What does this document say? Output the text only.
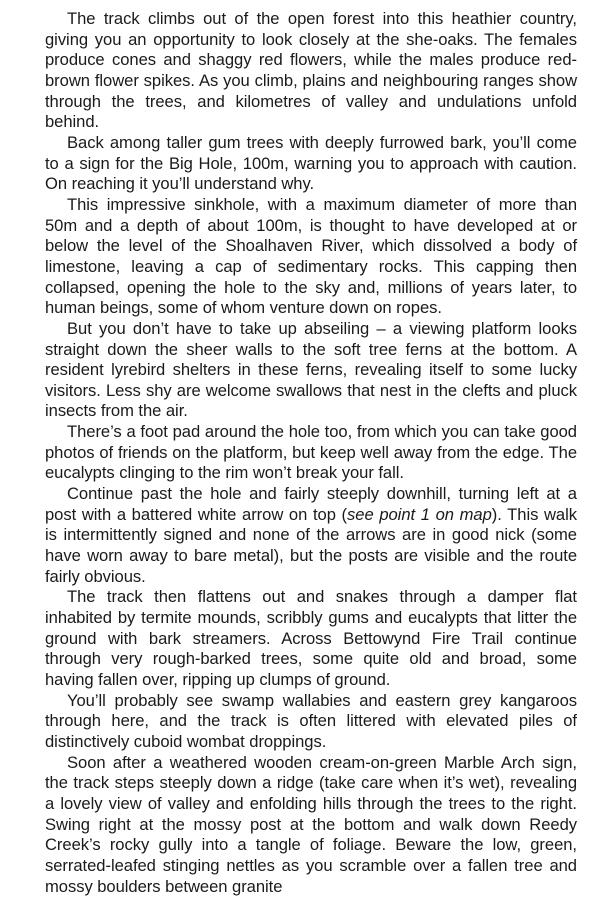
The track climbs out of the open forest into this heathier country, giving you an opportunity to look closely at the she-oaks. The females produce cones and shaggy red flowers, while the males produce red-brown flower spikes. As you climb, plains and neighbouring ranges show through the trees, and kilometres of valley and undulations unfold behind.

Back among taller gum trees with deeply furrowed bark, you’ll come to a sign for the Big Hole, 100m, warning you to approach with caution. On reaching it you’ll understand why.

This impressive sinkhole, with a maximum diameter of more than 50m and a depth of about 100m, is thought to have developed at or below the level of the Shoalhaven River, which dissolved a body of limestone, leaving a cap of sedimentary rocks. This capping then collapsed, opening the hole to the sky and, millions of years later, to human beings, some of whom venture down on ropes.

But you don’t have to take up abseiling – a viewing platform looks straight down the sheer walls to the soft tree ferns at the bottom. A resident lyrebird shelters in these ferns, revealing itself to some lucky visitors. Less shy are welcome swallows that nest in the clefts and pluck insects from the air.

There’s a foot pad around the hole too, from which you can take good photos of friends on the platform, but keep well away from the edge. The eucalypts clinging to the rim won’t break your fall.

Continue past the hole and fairly steeply downhill, turning left at a post with a battered white arrow on top (see point 1 on map). This walk is intermittently signed and none of the arrows are in good nick (some have worn away to bare metal), but the posts are visible and the route fairly obvious.

The track then flattens out and snakes through a damper flat inhabited by termite mounds, scribbly gums and eucalypts that litter the ground with bark streamers. Across Bettowynd Fire Trail continue through very rough-barked trees, some quite old and broad, some having fallen over, ripping up clumps of ground.

You’ll probably see swamp wallabies and eastern grey kangaroos through here, and the track is often littered with elevated piles of distinctively cuboid wombat droppings.

Soon after a weathered wooden cream-on-green Marble Arch sign, the track steps steeply down a ridge (take care when it’s wet), revealing a lovely view of valley and enfolding hills through the trees to the right. Swing right at the mossy post at the bottom and walk down Reedy Creek’s rocky gully into a tangle of foliage. Beware the low, green, serrated-leafed stinging nettles as you scramble over a fallen tree and mossy boulders between granite
